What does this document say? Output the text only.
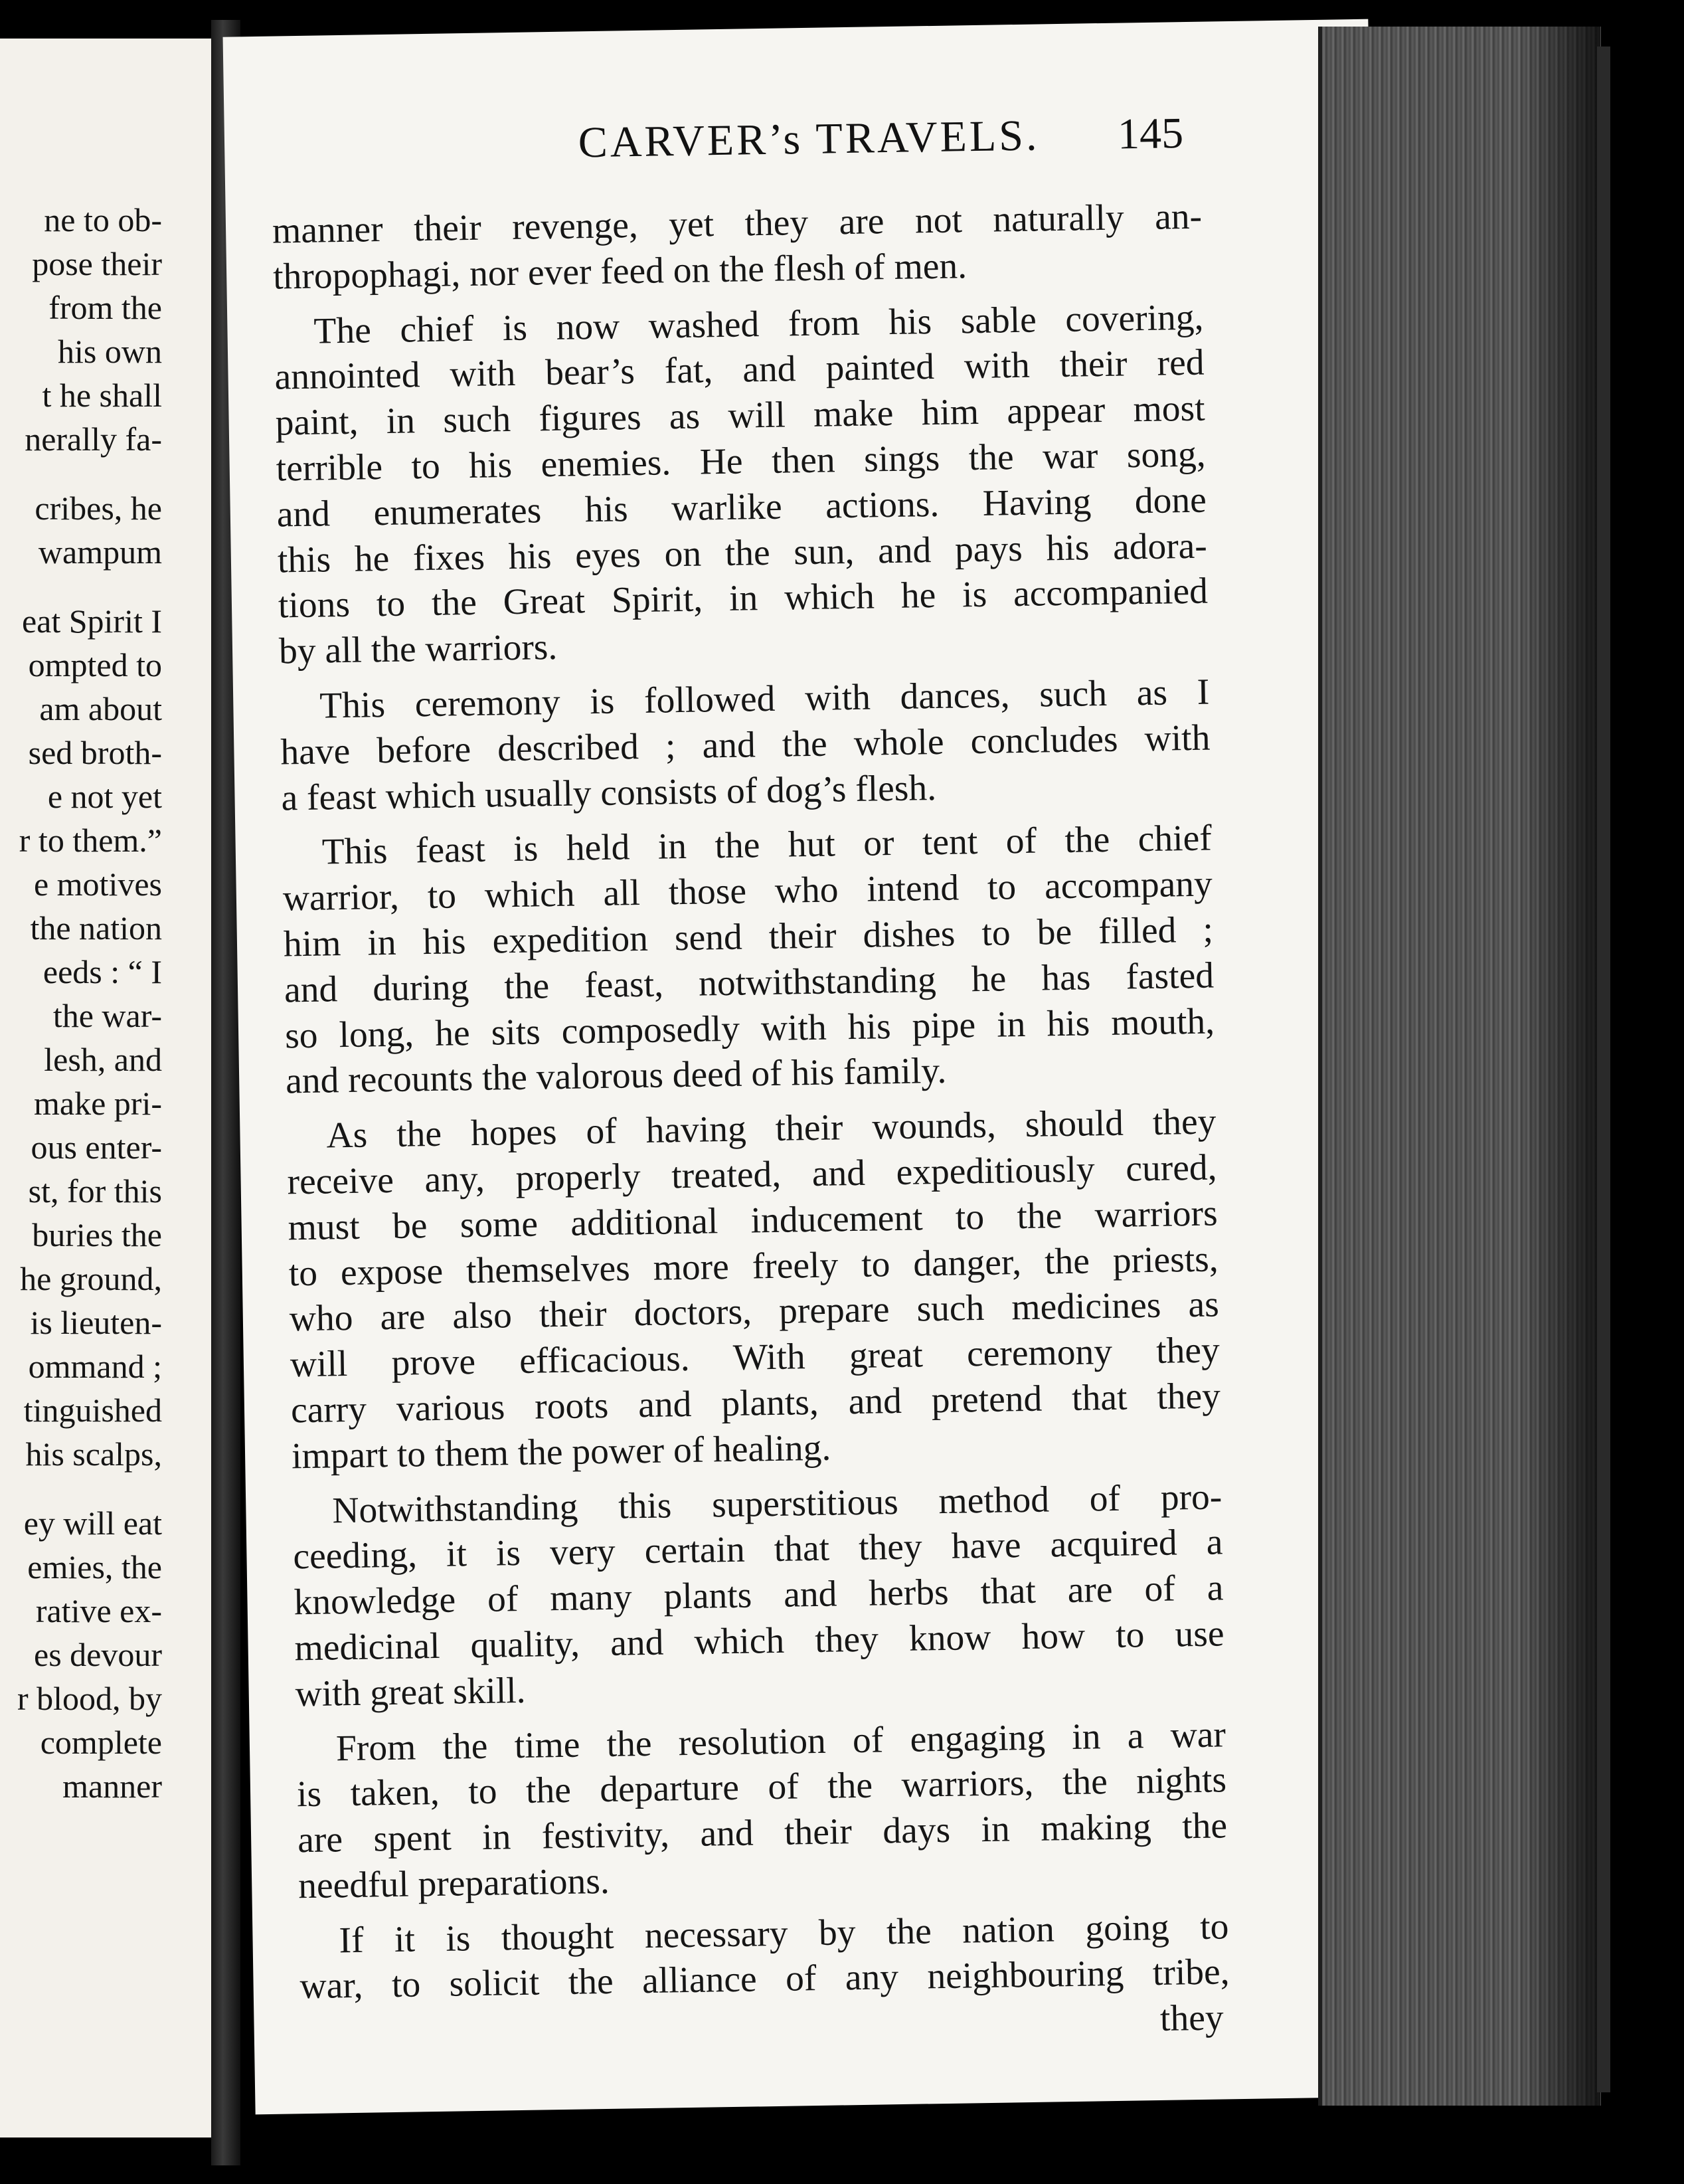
ne to ob-
pose their
from the
his own
t he shall
nerally fa-
cribes, he
wampum
eat Spirit I
ompted to
am about
sed broth-
e not yet
r to them.”
e motives
the nation
eeds : “ I
the war-
lesh, and
make pri-
ous enter-
st, for this
buries the
he ground,
is lieuten-
ommand ;
tinguished
his scalps,
ey will eat
emies, the
rative ex-
es devour
r blood, by
complete
manner
CARVER’s TRAVELS.	145
manner their revenge, yet they are not naturally an-
thropophagi, nor ever feed on the flesh of men.
The chief is now washed from his sable covering,
annointed with bear’s fat, and painted with their red
paint, in such figures as will make him appear most
terrible to his enemies. He then sings the war song,
and enumerates his warlike actions. Having done
this he fixes his eyes on the sun, and pays his adora-
tions to the Great Spirit, in which he is accompanied
by all the warriors.
This ceremony is followed with dances, such as I
have before described ; and the whole concludes with
a feast which usually consists of dog’s flesh.
This feast is held in the hut or tent of the chief
warrior, to which all those who intend to accompany
him in his expedition send their dishes to be filled ;
and during the feast, notwithstanding he has fasted
so long, he sits composedly with his pipe in his mouth,
and recounts the valorous deed of his family.
As the hopes of having their wounds, should they
receive any, properly treated, and expeditiously cured,
must be some additional inducement to the warriors
to expose themselves more freely to danger, the priests,
who are also their doctors, prepare such medicines as
will prove efficacious. With great ceremony they
carry various roots and plants, and pretend that they
impart to them the power of healing.
Notwithstanding this superstitious method of pro-
ceeding, it is very certain that they have acquired a
knowledge of many plants and herbs that are of a
medicinal quality, and which they know how to use
with great skill.
From the time the resolution of engaging in a war
is taken, to the departure of the warriors, the nights
are spent in festivity, and their days in making the
needful preparations.
If it is thought necessary by the nation going to
war, to solicit the alliance of any neighbouring tribe,
they
